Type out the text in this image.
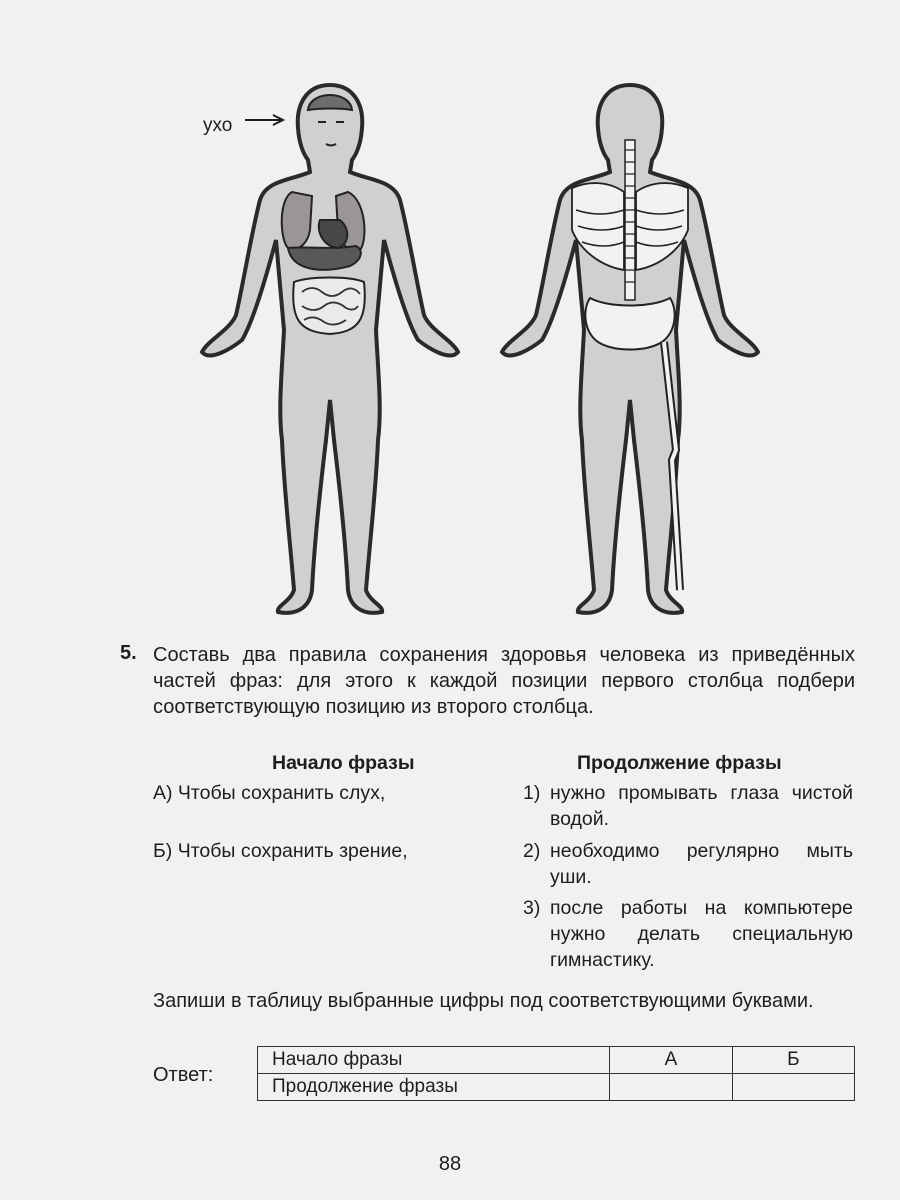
ухо
5. Составь два правила сохранения здоровья человека из приведённых частей фраз: для этого к каждой позиции первого столбца подбери соответствующую позицию из второго столбца.

Начало фразы	Продолжение фразы
А) Чтобы сохранить слух,
Б) Чтобы сохранить зрение,
1) нужно промывать глаза чистой водой.
2) необходимо регулярно мыть уши.
3) после работы на компьютере нужно делать специальную гимнастику.

Запиши в таблицу выбранные цифры под соответствующими буквами.

Ответ:
Начало фразы	А	Б
Продолжение фразы		
88
